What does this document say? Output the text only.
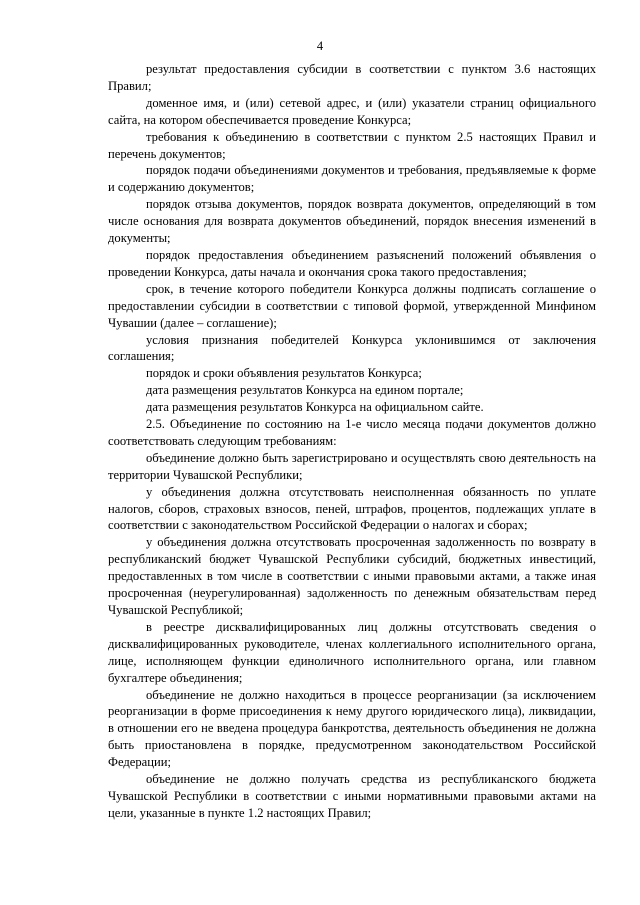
4

результат предоставления субсидии в соответствии с пунктом 3.6 настоящих Правил;

доменное имя, и (или) сетевой адрес, и (или) указатели страниц официального сайта, на котором обеспечивается проведение Конкурса;

требования к объединению в соответствии с пунктом 2.5 настоящих Правил и перечень документов;

порядок подачи объединениями документов и требования, предъявляемые к форме и содержанию документов;

порядок отзыва документов, порядок возврата документов, определяющий в том числе основания для возврата документов объединений, порядок внесения изменений в документы;

порядок предоставления объединением разъяснений положений объявления о проведении Конкурса, даты начала и окончания срока такого предоставления;

срок, в течение которого победители Конкурса должны подписать соглашение о предоставлении субсидии в соответствии с типовой формой, утвержденной Минфином Чувашии (далее – соглашение);

условия признания победителей Конкурса уклонившимся от заключения соглашения;

порядок и сроки объявления результатов Конкурса;

дата размещения результатов Конкурса на едином портале;

дата размещения результатов Конкурса на официальном сайте.

2.5. Объединение по состоянию на 1-е число месяца подачи документов должно соответствовать следующим требованиям:

объединение должно быть зарегистрировано и осуществлять свою деятельность на территории Чувашской Республики;

у объединения должна отсутствовать неисполненная обязанность по уплате налогов, сборов, страховых взносов, пеней, штрафов, процентов, подлежащих уплате в соответствии с законодательством Российской Федерации о налогах и сборах;

у объединения должна отсутствовать просроченная задолженность по возврату в республиканский бюджет Чувашской Республики субсидий, бюджетных инвестиций, предоставленных в том числе в соответствии с иными правовыми актами, а также иная просроченная (неурегулированная) задолженность по денежным обязательствам перед Чувашской Республикой;

в реестре дисквалифицированных лиц должны отсутствовать сведения о дисквалифицированных руководителе, членах коллегиального исполнительного органа, лице, исполняющем функции единоличного исполнительного органа, или главном бухгалтере объединения;

объединение не должно находиться в процессе реорганизации (за исключением реорганизации в форме присоединения к нему другого юридического лица), ликвидации, в отношении его не введена процедура банкротства, деятельность объединения не должна быть приостановлена в порядке, предусмотренном законодательством Российской Федерации;

объединение не должно получать средства из республиканского бюджета Чувашской Республики в соответствии с иными нормативными правовыми актами на цели, указанные в пункте 1.2 настоящих Правил;
